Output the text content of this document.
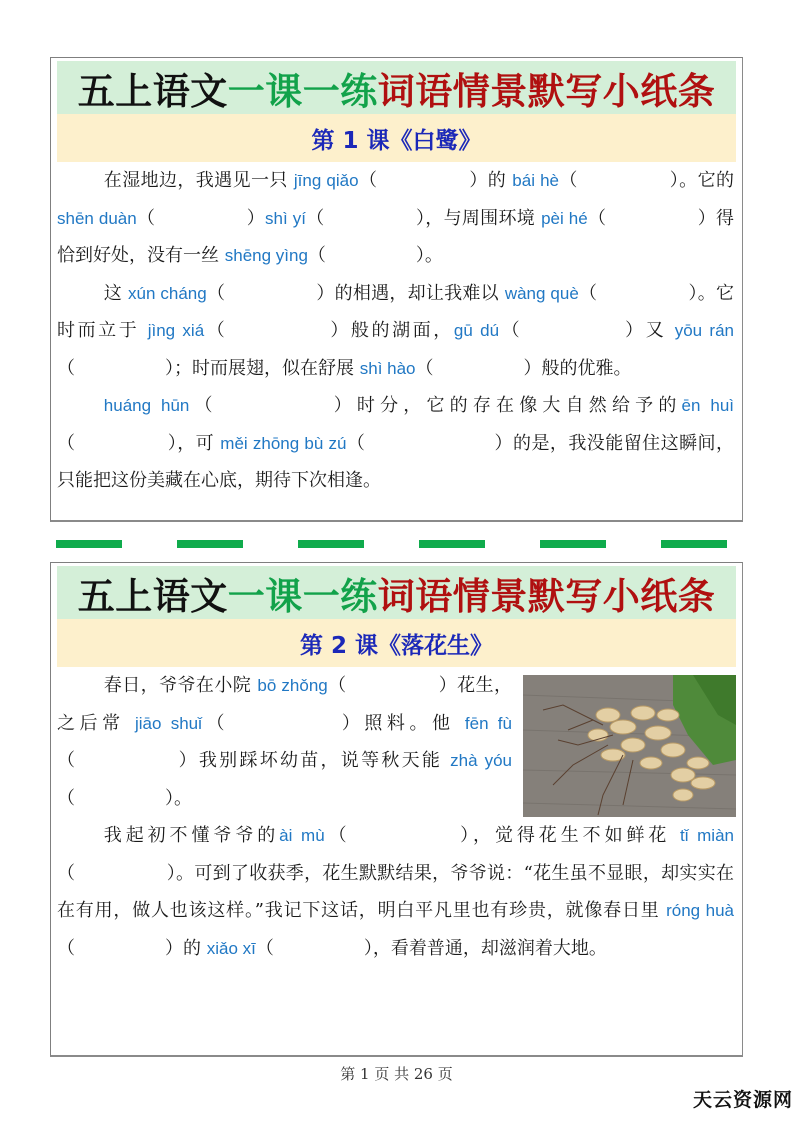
五上语文 一课一练 词语情景默写小纸条
第 1 课《白鹭》

在湿地边，我遇见一只 jīng qiǎo（　　　　　）的 bái hè（　　　　　）。它的 shēn duàn（　　　　　）shì yí（　　　　　），与周围环境 pèi hé（　　　　　）得恰到好处，没有一丝 shēng yìng（　　　　　）。

这 xún cháng（　　　　　）的相遇，却让我难以 wàng què（　　　　　）。它时而立于 jìng xiá（　　　　　）般的湖面，gū dú（　　　　　）又 yōu rán（　　　　　）；时而展翅，似在舒展 shì hào（　　　　　）般的优雅。

huáng hūn（　　　　　）时分，它的存在像大自然给予的ēn huì（　　　　　），可 měi zhōng bù zú（　　　　　　　）的是，我没能留住这瞬间，只能把这份美藏在心底，期待下次相逢。

五上语文 一课一练 词语情景默写小纸条
第 2 课《落花生》

春日，爷爷在小院 bō zhǒng（　　　　　）花生，之后常 jiāo shuǐ（　　　　　）照料。他 fēn fù（　　　　　）我别踩坏幼苗，说等秋天能 zhà yóu（　　　　　）。

我起初不懂爷爷的ài mù（　　　　　），觉得花生不如鲜花 tǐ miàn（　　　　　）。可到了收获季，花生默默结果，爷爷说：“花生虽不显眼，却实实在在有用，做人也该这样。”我记下这话，明白平凡里也有珍贵，就像春日里 róng huà（　　　　　）的 xiǎo xī（　　　　　），看着普通，却滋润着大地。

第 1 页 共 26 页
天云资源网
